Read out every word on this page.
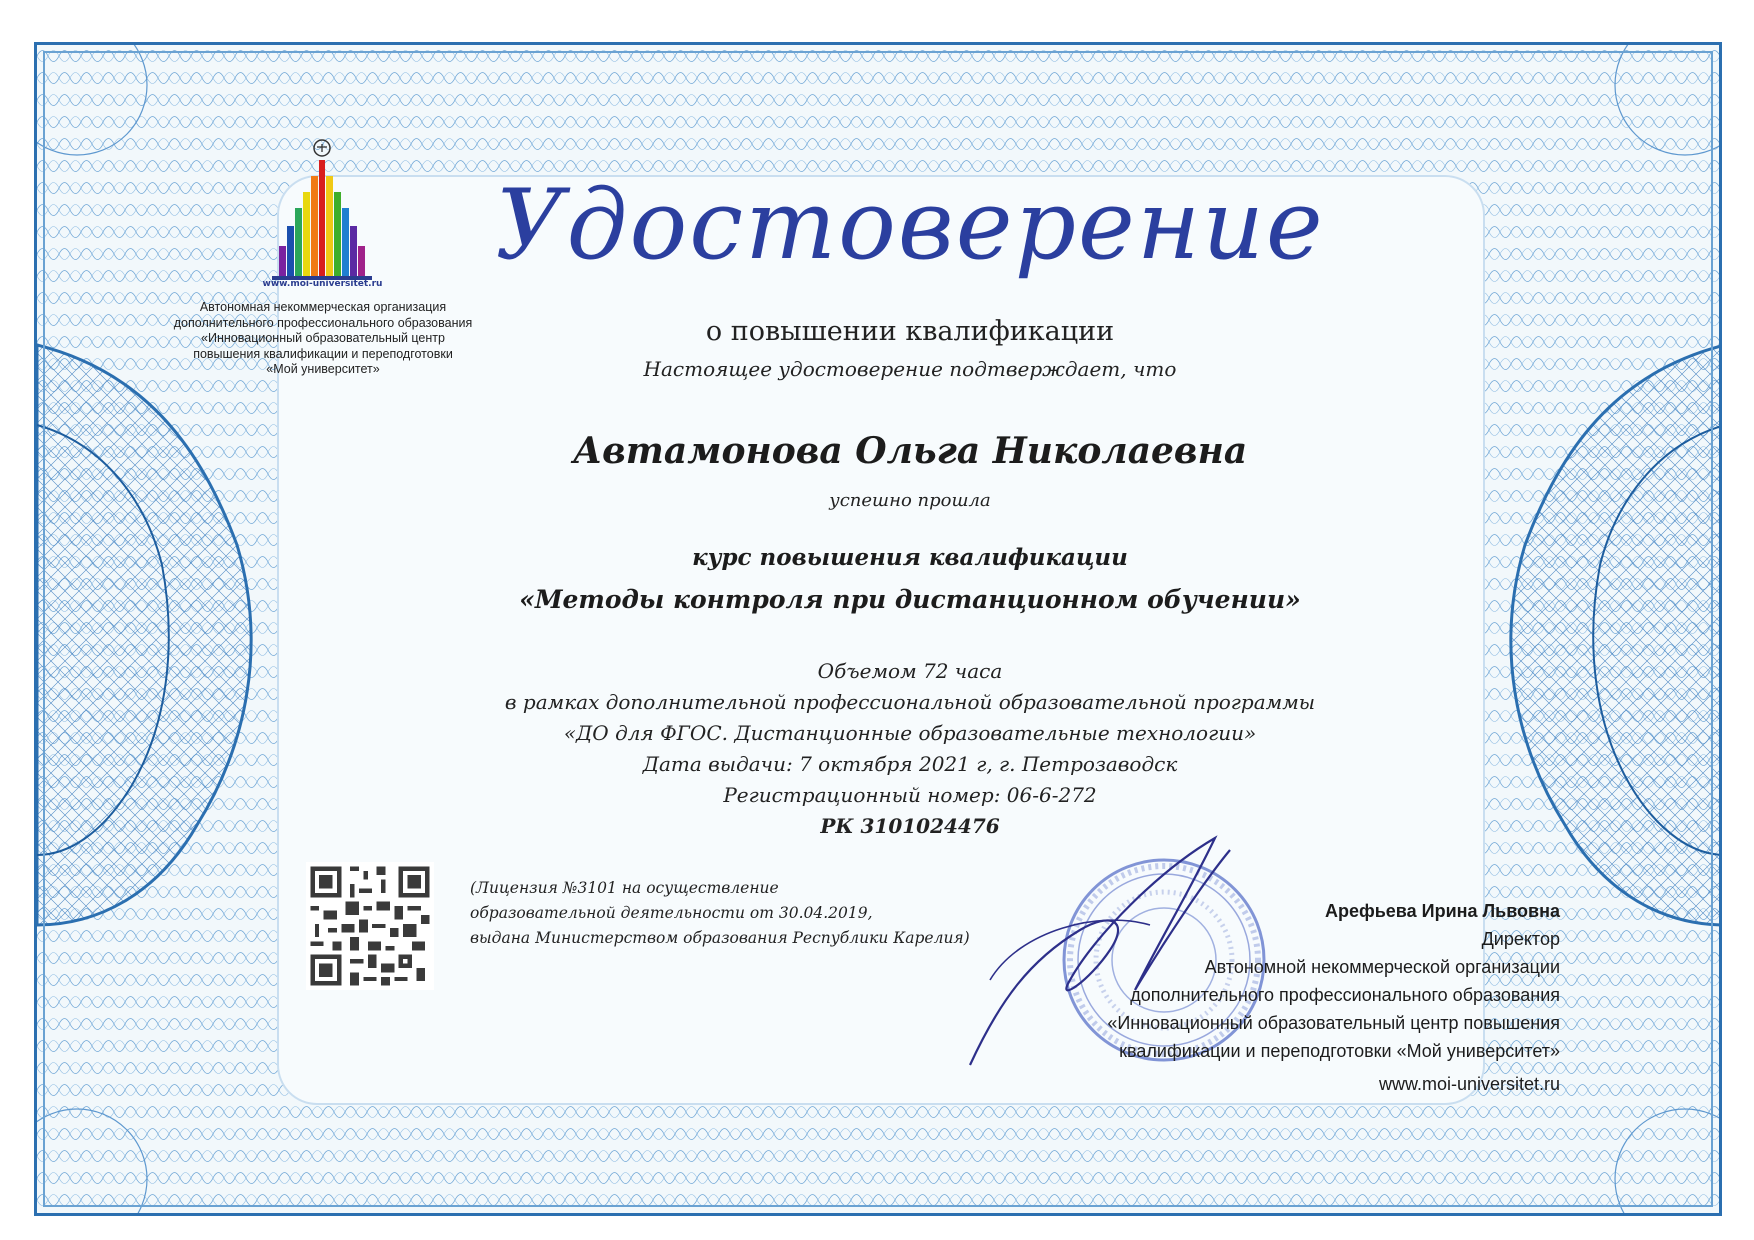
www.moi-universitet.ru
Автономная некоммерческая организация
дополнительного профессионального образования
«Инновационный образовательный центр
повышения квалификации и переподготовки
«Мой университет»
Удостоверение
о повышении квалификации
Настоящее удостоверение подтверждает, что
Автамонова Ольга Николаевна
успешно прошла
курс повышения квалификации
«Методы контроля при дистанционном обучении»
Объемом 72 часа
в рамках дополнительной профессиональной образовательной программы
«ДО для ФГОС. Дистанционные образовательные технологии»
Дата выдачи: 7 октября 2021 г, г. Петрозаводск
Регистрационный номер: 06-6-272
РК 3101024476
(Лицензия №3101 на осуществление
образовательной деятельности от 30.04.2019,
выдана Министерством образования Республики Карелия)
Арефьева Ирина Львовна
Директор
Автономной некоммерческой организации
дополнительного профессионального образования
«Инновационный образовательный центр повышения
квалификации и переподготовки «Мой университет»
www.moi-universitet.ru
